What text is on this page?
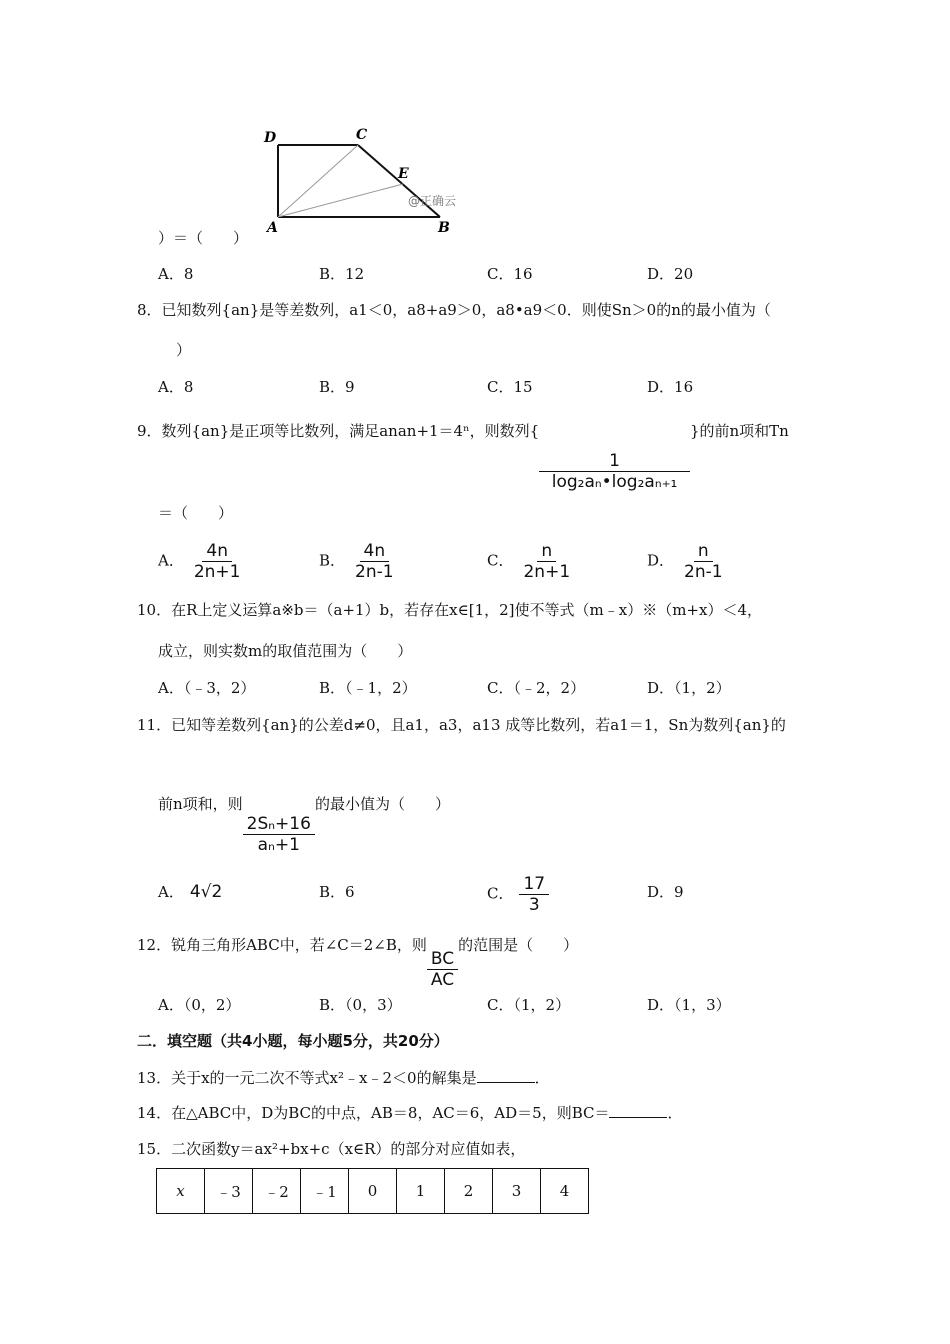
D	C
E
A	B
@正确云
）＝（　　）
A．8	B．12	C．16	D．20
8．已知数列{an}是等差数列，a1＜0，a8+a9＞0，a8•a9＜0．则使Sn＞0的n的最小值为（
）
A．8	B．9	C．15	D．16
9．数列{an}是正项等比数列，满足anan+1＝4ⁿ，则数列{
$\frac{1}{\text{log₂aₙ•log₂aₙ₊₁}}$
}的前n项和Tn
＝（　　）
A． $\frac{4n}{2n+1}$	B． $\frac{4n}{2n-1}$	C． $\frac{n}{2n+1}$	D． $\frac{n}{2n-1}$
10．在R上定义运算a※b＝（a+1）b，若存在x∈[1，2]使不等式（m﹣x）※（m+x）＜4，
成立，则实数m的取值范围为（　　）
A．（﹣3，2）	B．（﹣1，2）	C．（﹣2，2）	D．（1，2）
11．已知等差数列{an}的公差d≠0，且a1，a3，a13 成等比数列，若a1＝1，Sn为数列{an}的
前n项和，则
$\frac{\text{2Sₙ+16}}{\text{aₙ+1}}$
的最小值为（　　）
A． 4√2	B．6	C． $\frac{17}{3}$	D．9
12．锐角三角形ABC中，若∠C＝2∠B，则
$\frac{BC}{AC}$
的范围是（　　）
A．（0，2）	B．（0，3）	C．（1，2）	D．（1，3）
二．填空题（共4小题，每小题5分，共20分）
13．关于x的一元二次不等式x²﹣x﹣2＜0的解集是	．
14．在△ABC中，D为BC的中点，AB＝8，AC＝6，AD＝5，则BC＝	．
15．二次函数y＝ax²+bx+c（x∈R）的部分对应值如表，
x	﹣3	﹣2	﹣1	0	1	2	3	4
